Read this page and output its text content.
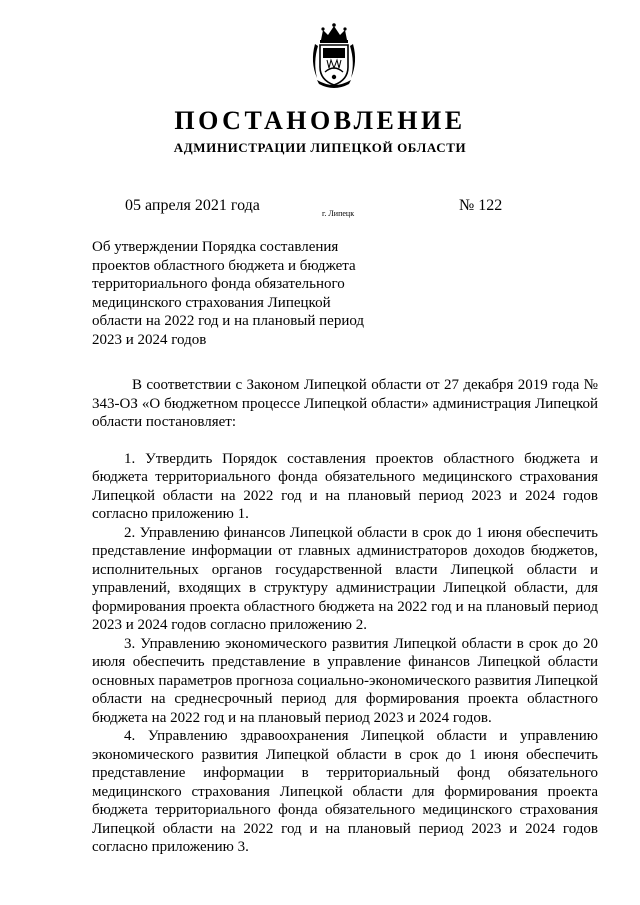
ПОСТАНОВЛЕНИЕ
АДМИНИСТРАЦИИ ЛИПЕЦКОЙ ОБЛАСТИ
05 апреля 2021 года	г. Липецк	№ 122
Об утверждении Порядка составления
проектов областного бюджета и бюджета
территориального фонда обязательного
медицинского страхования Липецкой
области на 2022 год и на плановый период
2023 и 2024 годов

В соответствии с Законом Липецкой области от 27 декабря 2019 года № 343-ОЗ «О бюджетном процессе Липецкой области» администрация Липецкой области постановляет:

1. Утвердить Порядок составления проектов областного бюджета и бюджета территориального фонда обязательного медицинского страхования Липецкой области на 2022 год и на плановый период 2023 и 2024 годов согласно приложению 1.

2. Управлению финансов Липецкой области в срок до 1 июня обеспечить представление информации от главных администраторов доходов бюджетов, исполнительных органов государственной власти Липецкой области и управлений, входящих в структуру администрации Липецкой области, для формирования проекта областного бюджета на 2022 год и на плановый период 2023 и 2024 годов согласно приложению 2.

3. Управлению экономического развития Липецкой области в срок до 20 июля обеспечить представление в управление финансов Липецкой области основных параметров прогноза социально-экономического развития Липецкой области на среднесрочный период для формирования проекта областного бюджета на 2022 год и на плановый период 2023 и 2024 годов.

4. Управлению здравоохранения Липецкой области и управлению экономического развития Липецкой области в срок до 1 июня обеспечить представление информации в территориальный фонд обязательного медицинского страхования Липецкой области для формирования проекта бюджета территориального фонда обязательного медицинского страхования Липецкой области на 2022 год и на плановый период 2023 и 2024 годов согласно приложению 3.
